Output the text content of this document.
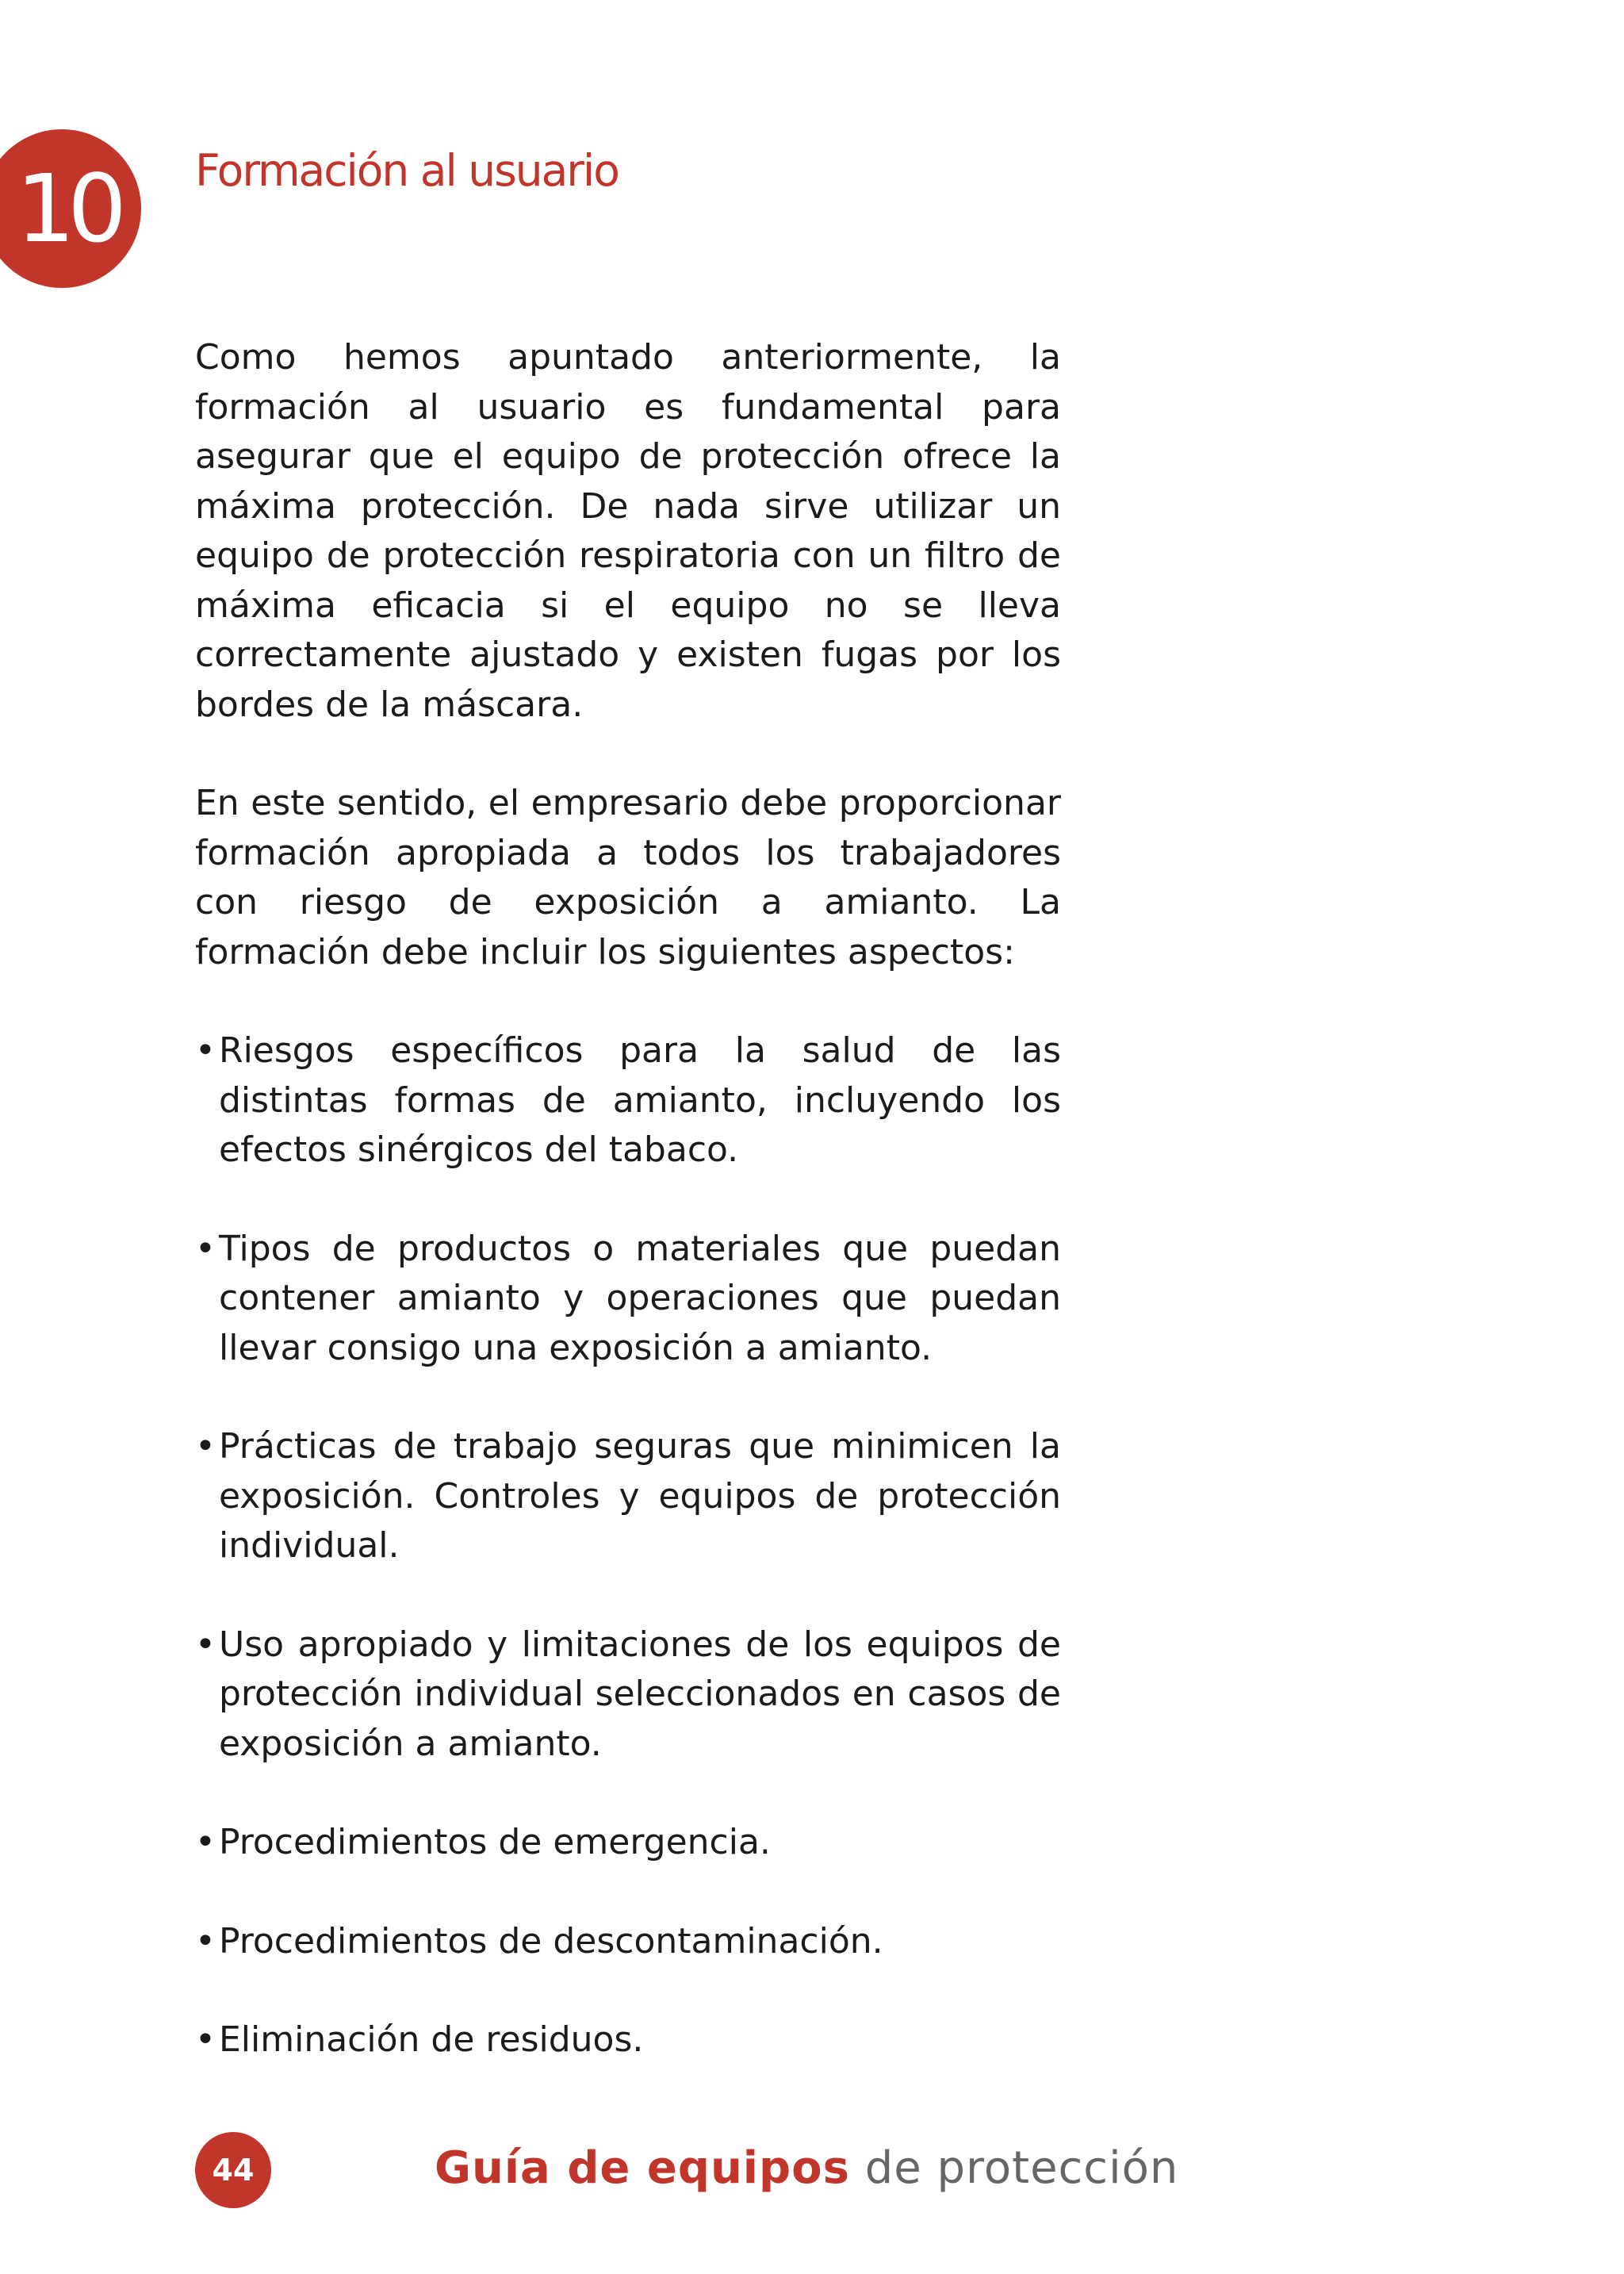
10 Formación al usuario

Como hemos apuntado anteriormente, la formación al usuario es fundamental para asegurar que el equipo de protección ofrece la máxima protección. De nada sirve utilizar un equipo de protección respiratoria con un filtro de máxima eficacia si el equipo no se lleva correctamente ajustado y existen fugas por los bordes de la máscara.

En este sentido, el empresario debe proporcionar formación apropiada a todos los trabajadores con riesgo de exposición a amianto. La formación debe incluir los siguientes aspectos:

• Riesgos específicos para la salud de las distintas formas de amianto, incluyendo los efectos sinérgicos del tabaco.
• Tipos de productos o materiales que puedan contener amianto y operaciones que puedan llevar consigo una exposición a amianto.
• Prácticas de trabajo seguras que minimicen la exposición. Controles y equipos de protección individual.
• Uso apropiado y limitaciones de los equipos de protección individual seleccionados en casos de exposición a amianto.
• Procedimientos de emergencia.
• Procedimientos de descontaminación.
• Eliminación de residuos.
44	Guía de equipos de protección
